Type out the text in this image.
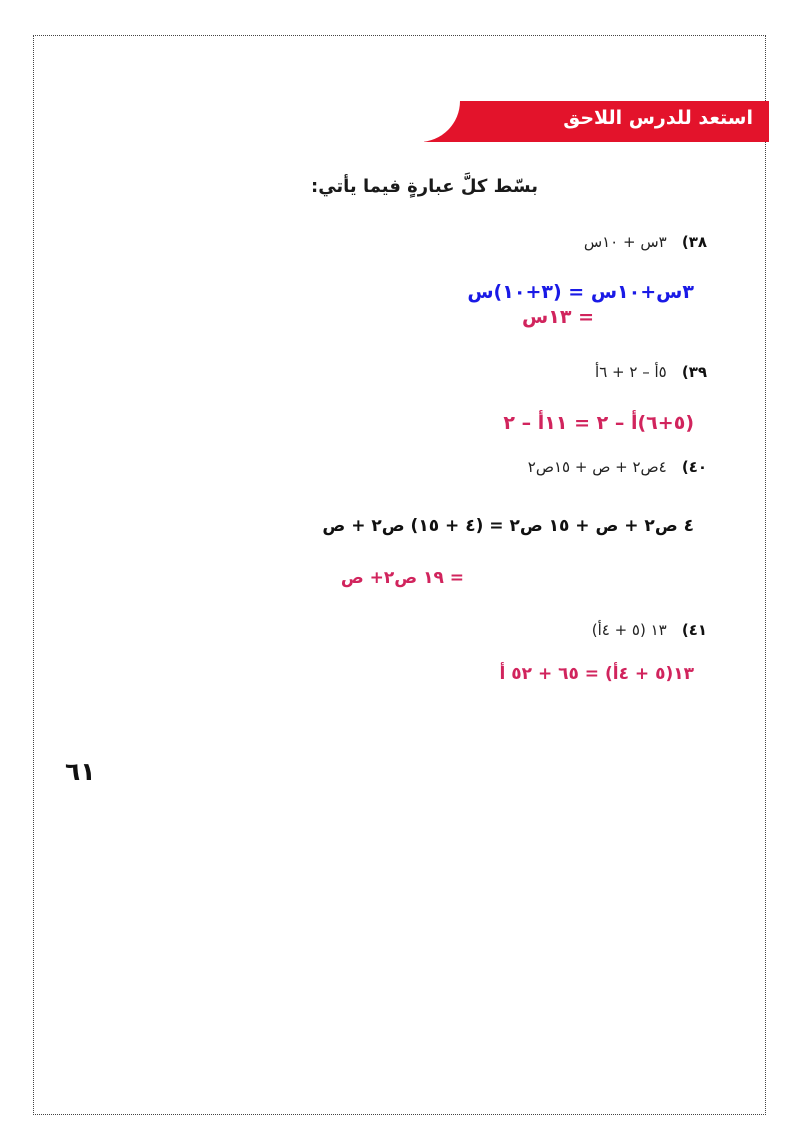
استعد للدرس اللاحق
بسّط كلَّ عبارةٍ فيما يأتي:
٣٨) ٣س + ١٠س
٣س+١٠س = (٣+١٠)س
= ١٣س
٣٩) ٥أ – ٢ + ٦أ
(٥+٦)أ – ٢ = ١١أ – ٢
٤٠) ٤ص٢ + ص + ١٥ص٢
٤ ص٢ + ص + ١٥ ص٢ = (٤ + ١٥) ص٢ + ص
= ١٩ ص٢+ ص
٤١) ١٣ (٥ + ٤أ)
١٣(٥ + ٤أ) = ٦٥ + ٥٢ أ
٦١
